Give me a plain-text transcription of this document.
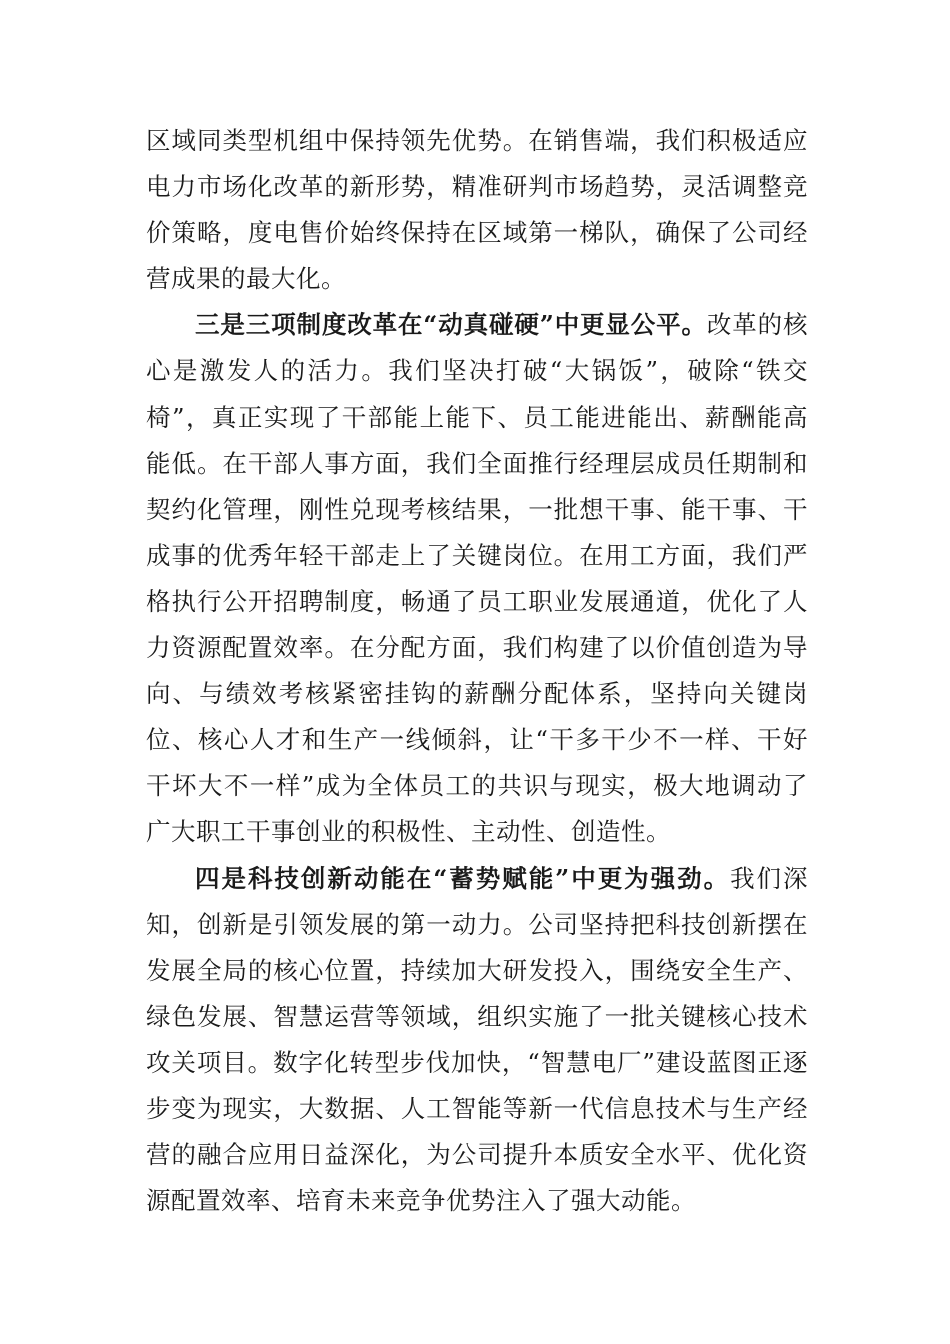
区域同类型机组中保持领先优势。在销售端，我们积极适应电力市场化改革的新形势，精准研判市场趋势，灵活调整竞价策略，度电售价始终保持在区域第一梯队，确保了公司经营成果的最大化。

三是三项制度改革在“动真碰硬”中更显公平。改革的核心是激发人的活力。我们坚决打破“大锅饭”，破除“铁交椅”，真正实现了干部能上能下、员工能进能出、薪酬能高能低。在干部人事方面，我们全面推行经理层成员任期制和契约化管理，刚性兑现考核结果，一批想干事、能干事、干成事的优秀年轻干部走上了关键岗位。在用工方面，我们严格执行公开招聘制度，畅通了员工职业发展通道，优化了人力资源配置效率。在分配方面，我们构建了以价值创造为导向、与绩效考核紧密挂钩的薪酬分配体系，坚持向关键岗位、核心人才和生产一线倾斜，让“干多干少不一样、干好干坏大不一样”成为全体员工的共识与现实，极大地调动了广大职工干事创业的积极性、主动性、创造性。

四是科技创新动能在“蓄势赋能”中更为强劲。我们深知，创新是引领发展的第一动力。公司坚持把科技创新摆在发展全局的核心位置，持续加大研发投入，围绕安全生产、绿色发展、智慧运营等领域，组织实施了一批关键核心技术攻关项目。数字化转型步伐加快，“智慧电厂”建设蓝图正逐步变为现实，大数据、人工智能等新一代信息技术与生产经营的融合应用日益深化，为公司提升本质安全水平、优化资源配置效率、培育未来竞争优势注入了强大动能。
